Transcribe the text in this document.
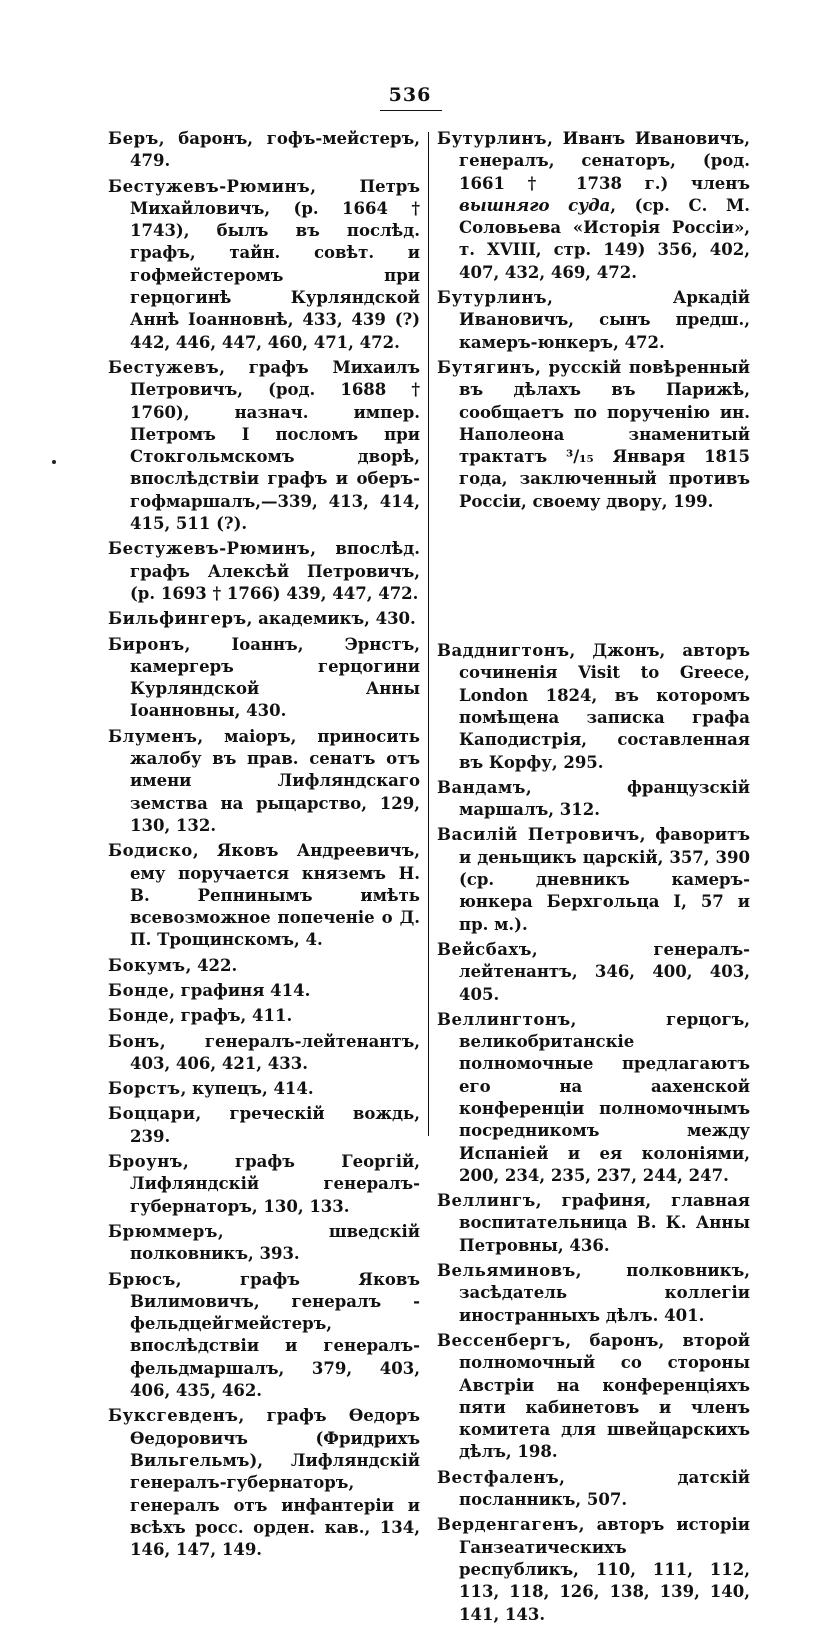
536
Беръ, баронъ, гофъ-мейстеръ, 479.
Бестужевъ-Рюминъ, Петръ Михайловичъ, (р. 1664 † 1743), былъ въ послѣд. графъ, тайн. совѣт. и гофмейстеромъ при герцогинѣ Курляндской Аннѣ Іоанновнѣ, 433, 439 (?) 442, 446, 447, 460, 471, 472.
Бестужевъ, графъ Михаилъ Петровичъ, (род. 1688 † 1760), назнач. импер. Петромъ I посломъ при Стокгольмскомъ дворѣ, впослѣдствіи графъ и оберъ-гофмаршалъ,—339, 413, 414, 415, 511 (?).
Бестужевъ-Рюминъ, впослѣд. графъ Алексѣй Петровичъ, (р. 1693 † 1766) 439, 447, 472.
Бильфингеръ, академикъ, 430.
Биронъ, Іоаннъ, Эрнстъ, камергеръ герцогини Курляндской Анны Іоанновны, 430.
Блуменъ, маіоръ, приносить жалобу въ прав. сенатъ отъ имени Лифляндскаго земства на рыцарство, 129, 130, 132.
Бодиско, Яковъ Андреевичъ, ему поручается княземъ Н. В. Репнинымъ имѣть всевозможное попеченіе о Д. П. Трощинскомъ, 4.
Бокумъ, 422.
Бонде, графиня 414.
Бонде, графъ, 411.
Бонъ, генералъ-лейтенантъ, 403, 406, 421, 433.
Борстъ, купецъ, 414.
Боццари, греческій вождь, 239.
Броунъ, графъ Георгій, Лифляндскій генералъ-губернаторъ, 130, 133.
Брюммеръ, шведскій полковникъ, 393.
Брюсъ, графъ Яковъ Вилимовичъ, генералъ - фельдцейгмейстеръ, впослѣдствіи и генералъ-фельдмаршалъ, 379, 403, 406, 435, 462.
Буксгевденъ, графъ Ѳедоръ Ѳедоровичъ (Фридрихъ Вильгельмъ), Лифляндскій генералъ-губернаторъ, генералъ отъ инфантеріи и всѣхъ росс. орден. кав., 134, 146, 147, 149.
Бутурлинъ, Иванъ Ивановичъ, генералъ, сенаторъ, (род. 1661 † 1738 г.) членъ вышняго суда, (ср. С. М. Соловьева «Исторія Россіи», т. XVIII, стр. 149) 356, 402, 407, 432, 469, 472.
Бутурлинъ, Аркадій Ивановичъ, сынъ предш., камеръ-юнкеръ, 472.
Бутягинъ, русскій повѣренный въ дѣлахъ въ Парижѣ, сообщаетъ по порученію ин. Наполеона знаменитый трактатъ ³/₁₅ Января 1815 года, заключенный противъ Россіи, своему двору, 199.
Вадднигтонъ, Джонъ, авторъ сочиненія Visit to Greece, London 1824, въ которомъ помѣщена записка графа Каподистрія, составленная въ Корфу, 295.
Вандамъ, французскій маршалъ, 312.
Василій Петровичъ, фаворитъ и деньщикъ царскій, 357, 390 (ср. дневникъ камеръ-юнкера Берхгольца I, 57 и пр. м.).
Вейсбахъ, генералъ-лейтенантъ, 346, 400, 403, 405.
Веллингтонъ, герцогъ, великобританскіе полномочные предлагаютъ его на аахенской конференціи полномочнымъ посредникомъ между Испаніей и ея колоніями, 200, 234, 235, 237, 244, 247.
Веллингъ, графиня, главная воспитательница В. К. Анны Петровны, 436.
Вельяминовъ, полковникъ, засѣдатель коллегіи иностранныхъ дѣлъ. 401.
Вессенбергъ, баронъ, второй полномочный со стороны Австріи на конференціяхъ пяти кабинетовъ и членъ комитета для швейцарскихъ дѣлъ, 198.
Вестфаленъ, датскій посланникъ, 507.
Верденгагенъ, авторъ исторіи Ганзеатическихъ республикъ, 110, 111, 112, 113, 118, 126, 138, 139, 140, 141, 143.
